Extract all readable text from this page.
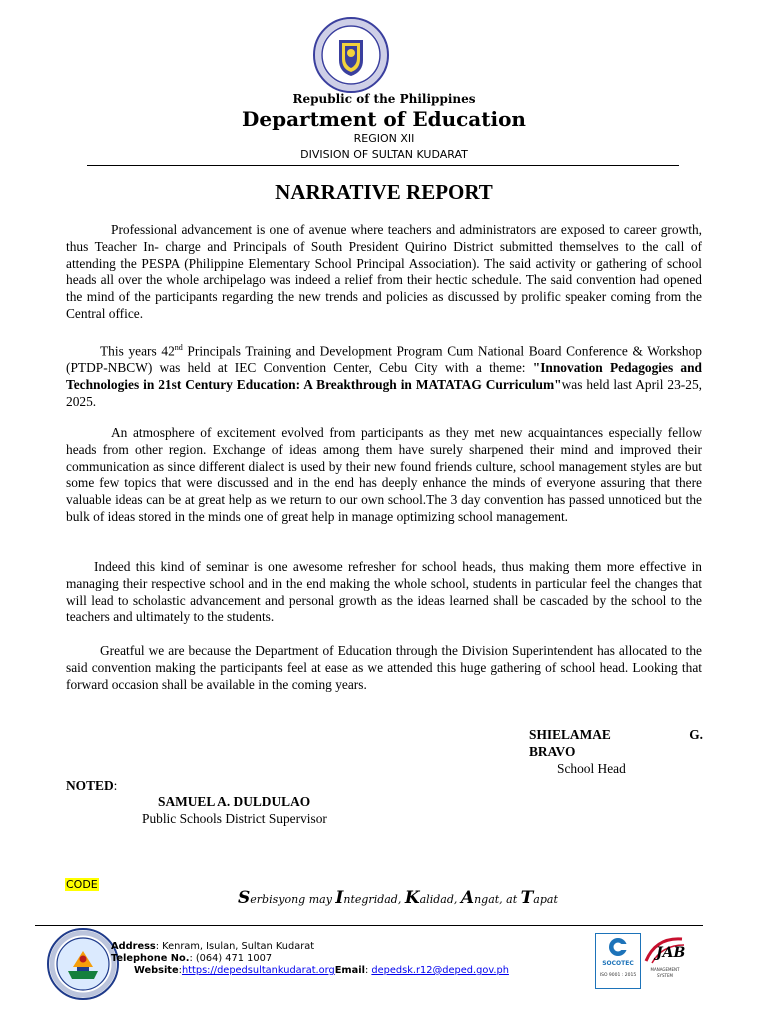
Republic of the Philippines
Department of Education
REGION XII
DIVISION OF SULTAN KUDARAT
NARRATIVE REPORT
Professional advancement is one of avenue where teachers and administrators are exposed to career growth, thus Teacher In- charge and Principals of South President Quirino District submitted themselves to the call of attending the PESPA (Philippine Elementary School Principal Association). The said activity or gathering of school heads all over the whole archipelago was indeed a relief from their hectic schedule. The said convention had opened the mind of the participants regarding the new trends and policies as discussed by prolific speaker coming from the Central office.
This years 42nd Principals Training and Development Program Cum National Board Conference & Workshop (PTDP-NBCW) was held at IEC Convention Center, Cebu City with a theme: "Innovation Pedagogies and Technologies in 21st Century Education: A Breakthrough in MATATAG Curriculum"was held last April 23-25, 2025.
An atmosphere of excitement evolved from participants as they met new acquaintances especially fellow heads from other region. Exchange of ideas among them have surely sharpened their mind and improved their communication as since different dialect is used by their new found friends culture, school management styles are but some few topics that were discussed and in the end has deeply enhance the minds of everyone assuring that there valuable ideas can be at great help as we return to our own school.The 3 day convention has passed unnoticed but the bulk of ideas stored in the minds one of great help in manage optimizing school management.
Indeed this kind of seminar is one awesome refresher for school heads, thus making them more effective in managing their respective school and in the end making the whole school, students in particular feel the changes that will lead to scholastic advancement and personal growth as the ideas learned shall be cascaded by the school to the teachers and ultimately to the students.
Greatful we are because the Department of Education through the Division Superintendent has allocated to the said convention making the participants feel at ease as we attended this huge gathering of school head. Looking that forward occasion shall be available in the coming years.
SHIELAMAE	G.
BRAVO
School Head
NOTED:
SAMUEL A. DULDULAO
Public Schools District Supervisor
CODE
Serbisyong may Integridad, Kalidad, Angat, at Tapat
Address: Kenram, Isulan, Sultan Kudarat
Telephone No.: (064) 471 1007
Website:https://depedsultankudarat.orgEmail: depedsk.r12@deped.gov.ph
SOCOTEC
ISO 9001 : 2015
JAB
MANAGEMENT SYSTEM
